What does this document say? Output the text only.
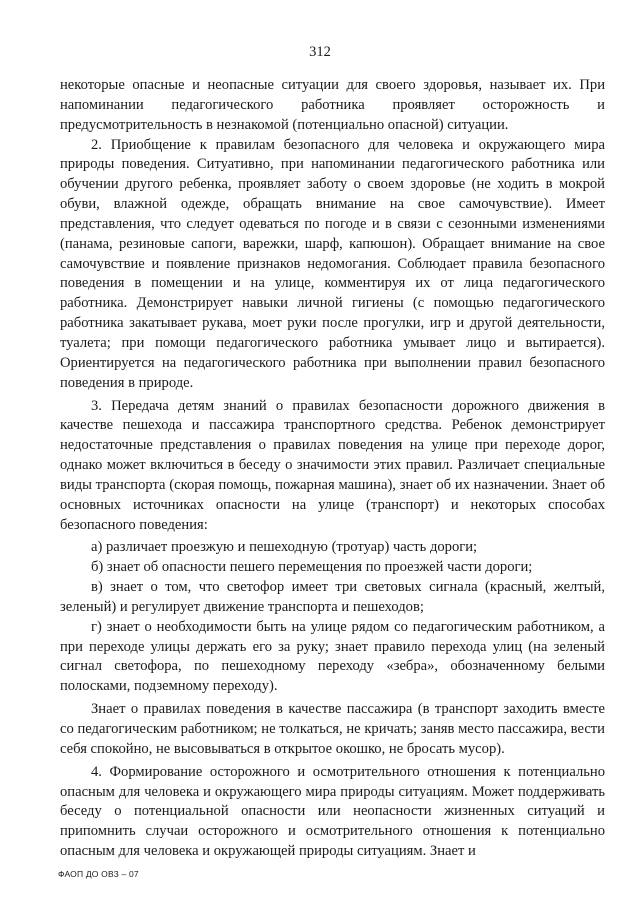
312

некоторые опасные и неопасные ситуации для своего здоровья, называет их. При напоминании педагогического работника проявляет осторожность и предусмотрительность в незнакомой (потенциально опасной) ситуации.

2. Приобщение к правилам безопасного для человека и окружающего мира природы поведения. Ситуативно, при напоминании педагогического работника или обучении другого ребенка, проявляет заботу о своем здоровье (не ходить в мокрой обуви, влажной одежде, обращать внимание на свое самочувствие). Имеет представления, что следует одеваться по погоде и в связи с сезонными изменениями (панама, резиновые сапоги, варежки, шарф, капюшон). Обращает внимание на свое самочувствие и появление признаков недомогания. Соблюдает правила безопасного поведения в помещении и на улице, комментируя их от лица педагогического работника. Демонстрирует навыки личной гигиены (с помощью педагогического работника закатывает рукава, моет руки после прогулки, игр и другой деятельности, туалета; при помощи педагогического работника умывает лицо и вытирается). Ориентируется на педагогического работника при выполнении правил безопасного поведения в природе.

3. Передача детям знаний о правилах безопасности дорожного движения в качестве пешехода и пассажира транспортного средства. Ребенок демонстрирует недостаточные представления о правилах поведения на улице при переходе дорог, однако может включиться в беседу о значимости этих правил. Различает специальные виды транспорта (скорая помощь, пожарная машина), знает об их назначении. Знает об основных источниках опасности на улице (транспорт) и некоторых способах безопасного поведения:

а) различает проезжую и пешеходную (тротуар) часть дороги;

б) знает об опасности пешего перемещения по проезжей части дороги;

в) знает о том, что светофор имеет три световых сигнала (красный, желтый, зеленый) и регулирует движение транспорта и пешеходов;

г) знает о необходимости быть на улице рядом со педагогическим работником, а при переходе улицы держать его за руку; знает правило перехода улиц (на зеленый сигнал светофора, по пешеходному переходу «зебра», обозначенному белыми полосками, подземному переходу).

Знает о правилах поведения в качестве пассажира (в транспорт заходить вместе со педагогическим работником; не толкаться, не кричать; заняв место пассажира, вести себя спокойно, не высовываться в открытое окошко, не бросать мусор).

4. Формирование осторожного и осмотрительного отношения к потенциально опасным для человека и окружающего мира природы ситуациям. Может поддерживать беседу о потенциальной опасности или неопасности жизненных ситуаций и припомнить случаи осторожного и осмотрительного отношения к потенциально опасным для человека и окружающей природы ситуациям. Знает и

ФАОП ДО ОВЗ – 07
